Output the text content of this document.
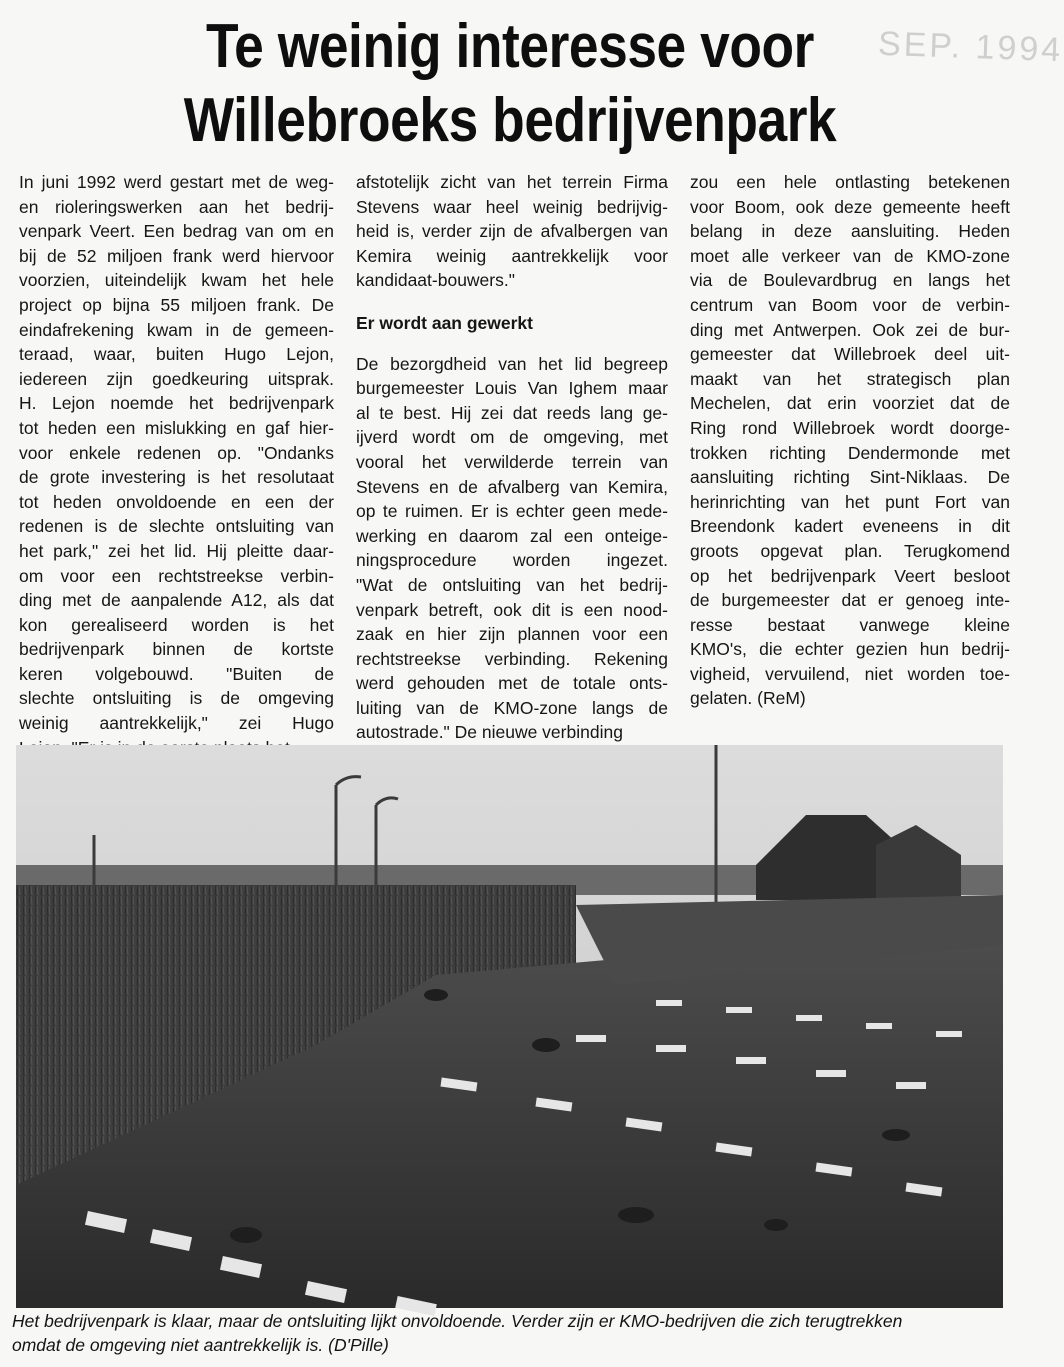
SEP. 1994
Te weinig interesse voor
Willebroeks bedrijvenpark

In juni 1992 werd gestart met de weg-

en rioleringswerken aan het bedrij-

venpark Veert. Een bedrag van om en

bij de 52 miljoen frank werd hiervoor

voorzien, uiteindelijk kwam het hele

project op bijna 55 miljoen frank. De

eindafrekening kwam in de gemeen-

teraad, waar, buiten Hugo Lejon,

iedereen zijn goedkeuring uitsprak.

H. Lejon noemde het bedrijvenpark

tot heden een mislukking en gaf hier-

voor enkele redenen op. "Ondanks

de grote investering is het resolutaat

tot heden onvoldoende en een der

redenen is de slechte ontsluiting van

het park," zei het lid. Hij pleitte daar-

om voor een rechtstreekse verbin-

ding met de aanpalende A12, als dat

kon gerealiseerd worden is het

bedrijvenpark binnen de kortste

keren volgebouwd. "Buiten de

slechte ontsluiting is de omgeving

weinig aantrekkelijk," zei Hugo

afstotelijk zicht van het terrein Firma

Stevens waar heel weinig bedrijvig-

heid is, verder zijn de afvalbergen van

Kemira weinig aantrekkelijk voor

kandidaat-bouwers."

Er wordt aan gewerkt

De bezorgdheid van het lid begreep

burgemeester Louis Van Ighem maar

al te best. Hij zei dat reeds lang ge-

ijverd wordt om de omgeving, met

vooral het verwilderde terrein van

Stevens en de afvalberg van Kemira,

op te ruimen. Er is echter geen mede-

werking en daarom zal een onteige-

ningsprocedure worden ingezet.

"Wat de ontsluiting van het bedrij-

venpark betreft, ook dit is een nood-

zaak en hier zijn plannen voor een

rechtstreekse verbinding. Rekening

werd gehouden met de totale onts-

luiting van de KMO-zone langs de

autostrade." De nieuwe verbinding

zou een hele ontlasting betekenen

voor Boom, ook deze gemeente heeft

belang in deze aansluiting. Heden

moet alle verkeer van de KMO-zone

via de Boulevardbrug en langs het

centrum van Boom voor de verbin-

ding met Antwerpen. Ook zei de bur-

gemeester dat Willebroek deel uit-

maakt van het strategisch plan

Mechelen, dat erin voorziet dat de

Ring rond Willebroek wordt doorge-

trokken richting Dendermonde met

aansluiting richting Sint-Niklaas. De

herinrichting van het punt Fort van

Breendonk kadert eveneens in dit

groots opgevat plan. Terugkomend

op het bedrijvenpark Veert besloot

de burgemeester dat er genoeg inte-

resse bestaat vanwege kleine

KMO's, die echter gezien hun bedrij-

vigheid, vervuilend, niet worden toe-

gelaten. (ReM)

Het bedrijvenpark is klaar, maar de ontsluiting lijkt onvoldoende. Verder zijn er KMO-bedrijven die zich terugtrekken
omdat de omgeving niet aantrekkelijk is. (D'Pille)
